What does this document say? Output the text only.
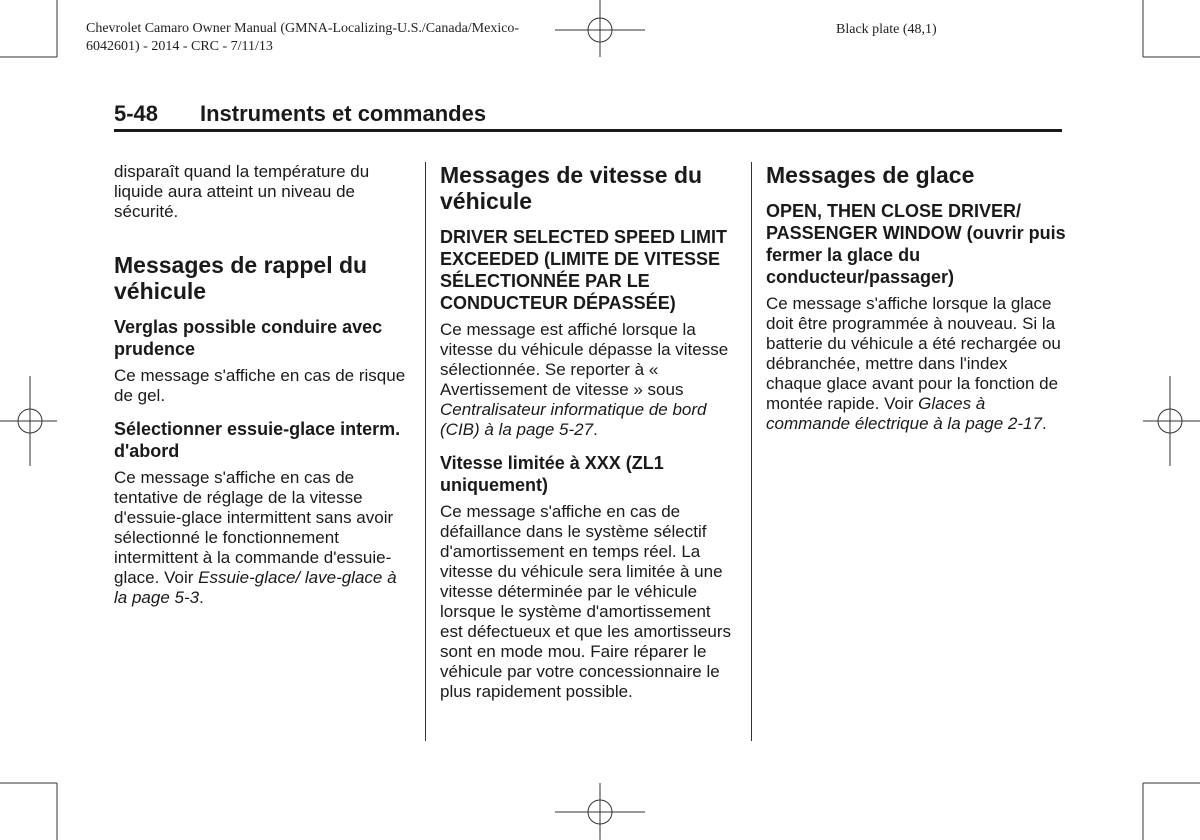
Chevrolet Camaro Owner Manual (GMNA-Localizing-U.S./Canada/Mexico-
6042601) - 2014 - CRC - 7/11/13
Black plate (48,1)
5-48 Instruments et commandes

disparaît quand la température du liquide aura atteint un niveau de sécurité.

Messages de rappel du véhicule
Verglas possible conduire avec prudence

Ce message s'affiche en cas de risque de gel.

Sélectionner essuie-glace interm. d'abord

Ce message s'affiche en cas de tentative de réglage de la vitesse d'essuie-glace intermittent sans avoir sélectionné le fonctionnement intermittent à la commande d'essuie-glace. Voir Essuie-glace/ lave-glace à la page 5-3.

Messages de vitesse du véhicule
DRIVER SELECTED SPEED LIMIT EXCEEDED (LIMITE DE VITESSE SÉLECTIONNÉE PAR LE CONDUCTEUR DÉPASSÉE)

Ce message est affiché lorsque la vitesse du véhicule dépasse la vitesse sélectionnée. Se reporter à « Avertissement de vitesse » sous Centralisateur informatique de bord (CIB) à la page 5-27.

Vitesse limitée à XXX (ZL1 uniquement)

Ce message s'affiche en cas de défaillance dans le système sélectif d'amortissement en temps réel. La vitesse du véhicule sera limitée à une vitesse déterminée par le véhicule lorsque le système d'amortissement est défectueux et que les amortisseurs sont en mode mou. Faire réparer le véhicule par votre concessionnaire le plus rapidement possible.

Messages de glace
OPEN, THEN CLOSE DRIVER/ PASSENGER WINDOW (ouvrir puis fermer la glace du conducteur/passager)

Ce message s'affiche lorsque la glace doit être programmée à nouveau. Si la batterie du véhicule a été rechargée ou débranchée, mettre dans l'index chaque glace avant pour la fonction de montée rapide. Voir Glaces à commande électrique à la page 2-17.
